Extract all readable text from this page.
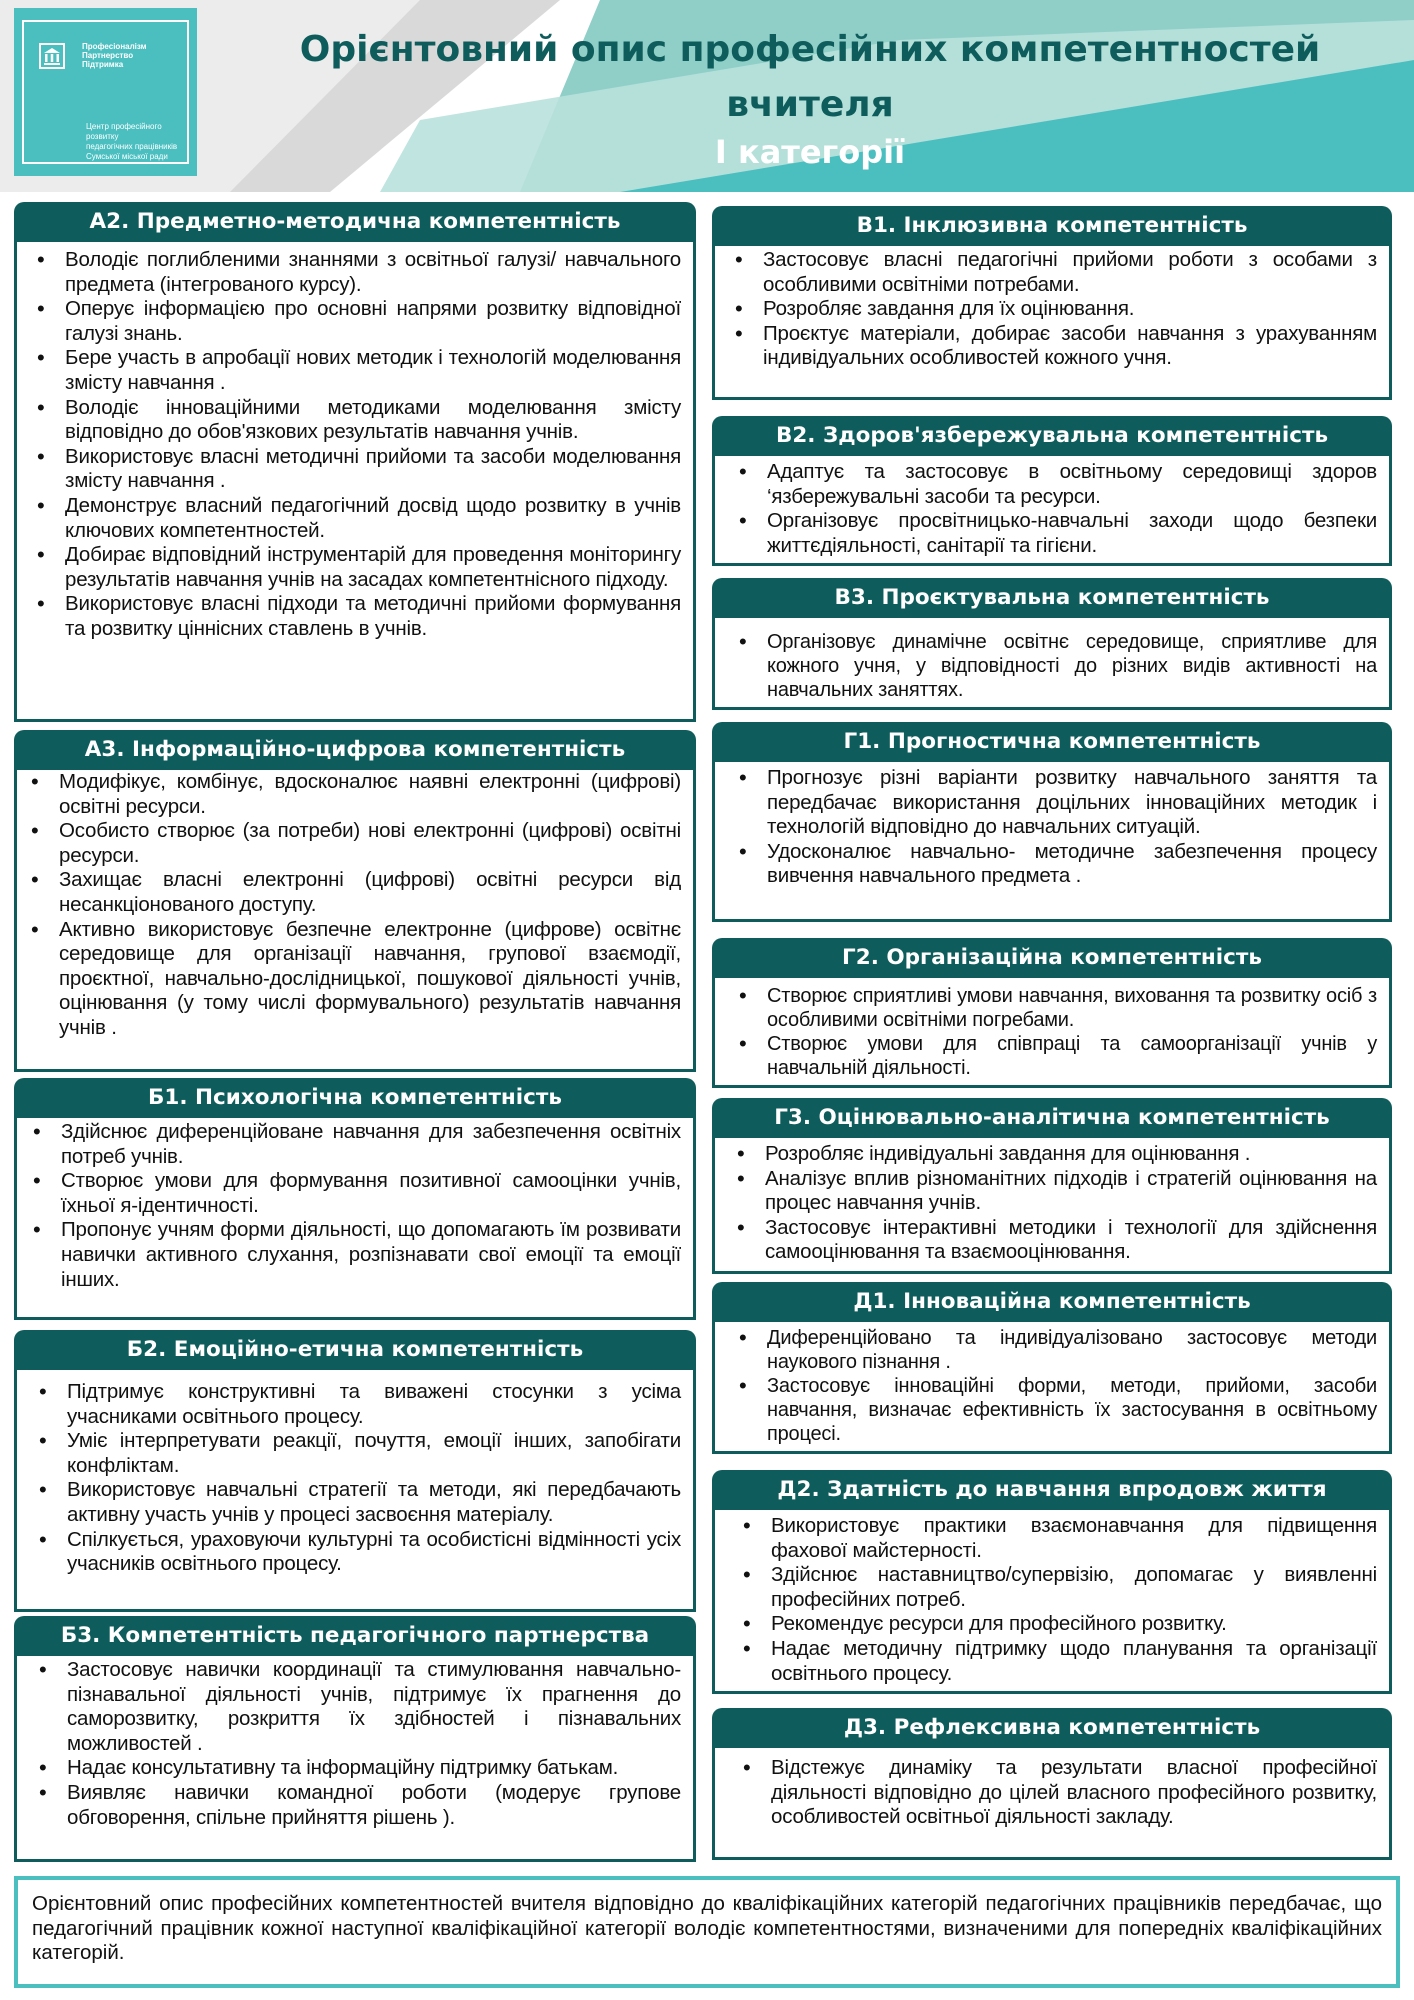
Професіоналізм
Партнерство
Підтримка
Центр професійного розвитку
педагогічних працівників
Сумської міської ради
Орієнтовний опис професійних компетентностей
вчителя
І категорії
А2. Предметно-методична компетентність
• Володіє поглибленими знаннями з освітньої галузі/ навчального предмета (інтегрованого курсу).
• Оперує інформацією про основні напрями розвитку відповідної галузі знань.
• Бере участь в апробації нових методик і технологій моделювання змісту навчання .
• Володіє інноваційними методиками моделювання змісту відповідно до обов'язкових результатів навчання учнів.
• Використовує власні методичні прийоми та засоби моделювання змісту навчання .
• Демонструє власний педагогічний досвід щодо розвитку в учнів ключових компетентностей.
• Добирає відповідний інструментарій для проведення моніторингу результатів навчання учнів на засадах компетентнісного підходу.
• Використовує власні підходи та методичні прийоми формування та розвитку ціннісних ставлень в учнів.
А3. Інформаційно-цифрова компетентність
• Модифікує, комбінує, вдосконалює наявні електронні (цифрові) освітні ресурси.
• Особисто створює (за потреби) нові електронні (цифрові) освітні ресурси.
• Захищає власні електронні (цифрові) освітні ресурси від несанкціонованого доступу.
• Активно використовує безпечне електронне (цифрове) освітнє середовище для організації навчання, групової взаємодії, проєктної, навчально-дослідницької, пошукової діяльності учнів, оцінювання (у тому числі формувального) результатів навчання учнів .
Б1. Психологічна компетентність
• Здійснює диференційоване навчання для забезпечення освітніх потреб учнів.
• Створює умови для формування позитивної самооцінки учнів, їхньої я-ідентичності.
• Пропонує учням форми діяльності, що допомагають їм розвивати навички активного слухання, розпізнавати свої емоції та емоції інших.
Б2. Емоційно-етична компетентність
• Підтримує конструктивні та виважені стосунки з усіма учасниками освітнього процесу.
• Уміє інтерпретувати реакції, почуття, емоції інших, запобігати конфліктам.
• Використовує навчальні стратегії та методи, які передбачають активну участь учнів у процесі засвоєння матеріалу.
• Спілкується, ураховуючи культурні та особистісні відмінності усіх учасників освітнього процесу.
Б3. Компетентність педагогічного партнерства
• Застосовує навички координації та стимулювання навчально-пізнавальної діяльності учнів, підтримує їх прагнення до саморозвитку, розкриття їх здібностей і пізнавальних можливостей .
• Надає консультативну та інформаційну підтримку батькам.
• Виявляє навички командної роботи (модерує групове обговорення, спільне прийняття рішень ).
В1. Інклюзивна компетентність
• Застосовує власні педагогічні прийоми роботи з особами з особливими освітніми потребами.
• Розробляє завдання для їх оцінювання.
• Проєктує матеріали, добирає засоби навчання з урахуванням індивідуальних особливостей кожного учня.
В2. Здоров'язбережувальна компетентність
• Адаптує та застосовує в освітньому середовищі здоров ‘язбережувальні засоби та ресурси.
• Організовує просвітницько-навчальні заходи щодо безпеки життєдіяльності, санітарії та гігієни.
В3. Проєктувальна компетентність
• Організовує динамічне освітнє середовище, сприятливе для кожного учня, у відповідності до різних видів активності на навчальних заняттях.
Г1. Прогностична компетентність
• Прогнозує різні варіанти розвитку навчального заняття та передбачає використання доцільних інноваційних методик і технологій відповідно до навчальних ситуацій.
• Удосконалює навчально- методичне забезпечення процесу вивчення навчального предмета .
Г2. Організаційна компетентність
• Створює сприятливі умови навчання, виховання та розвитку осіб з особливими освітніми погребами.
• Створює умови для співпраці та самоорганізації учнів у навчальній діяльності.
Г3. Оцінювально-аналітична компетентність
• Розробляє індивідуальні завдання для оцінювання .
• Аналізує вплив різноманітних підходів і стратегій оцінювання на процес навчання учнів.
• Застосовує інтерактивні методики і технології для здійснення самооцінювання та взаємооцінювання.
Д1. Інноваційна компетентність
• Диференційовано та індивідуалізовано застосовує методи наукового пізнання .
• Застосовує інноваційні форми, методи, прийоми, засоби навчання, визначає ефективність їх застосування в освітньому процесі.
Д2. Здатність до навчання впродовж життя
• Використовує практики взаємонавчання для підвищення фахової майстерності.
• Здійснює наставництво/супервізію, допомагає у виявленні професійних потреб.
• Рекомендує ресурси для професійного розвитку.
• Надає методичну підтримку щодо планування та організації освітнього процесу.
Д3. Рефлексивна компетентність
• Відстежує динаміку та результати власної професійної діяльності відповідно до цілей власного професійного розвитку, особливостей освітньої діяльності закладу.
Орієнтовний опис професійних компетентностей вчителя відповідно до кваліфікаційних категорій педагогічних працівників передбачає, що педагогічний працівник кожної наступної кваліфікаційної категорії володіє компетентностями, визначеними для попередніх кваліфікаційних категорій.
